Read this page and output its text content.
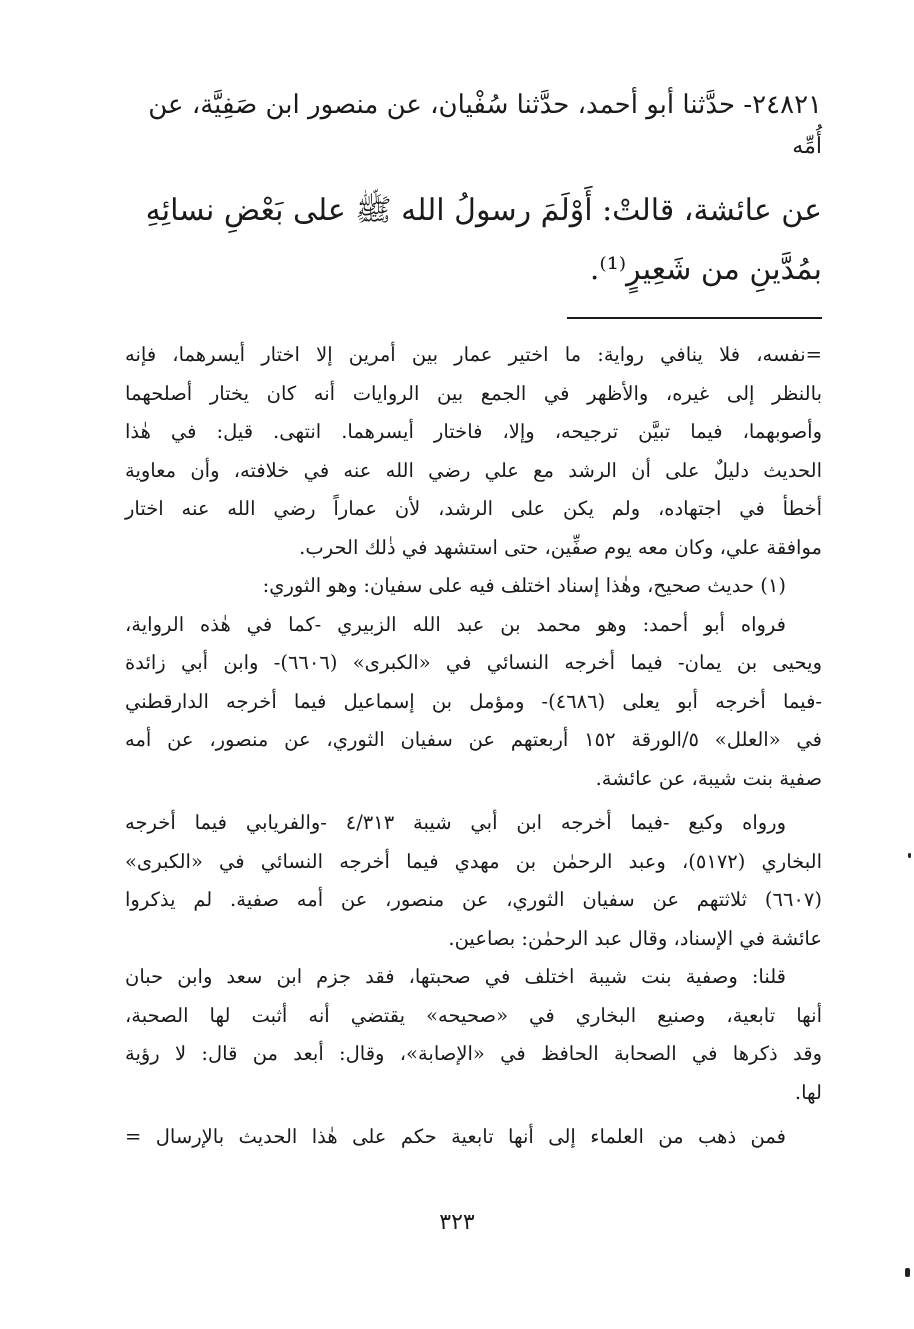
٢٤٨٢١- حدَّثنا أبو أحمد، حدَّثنا سُفْيان، عن منصور ابن صَفِيَّة، عن
أُمِّه
عن عائشة، قالتْ: أَوْلَمَ رسولُ الله ﷺ على بَعْضِ نسائِهِ
بمُدَّينِ من شَعِيرٍ⁽¹⁾.

=نفسه، فلا ينافي رواية: ما اختير عمار بين أمرين إلا اختار أيسرهما، فإنه
بالنظر إلى غيره، والأظهر في الجمع بين الروايات أنه كان يختار أصلحهما
وأصوبهما، فيما تبيَّن ترجيحه، وإلا، فاختار أيسرهما. انتهى. قيل: في هٰذا
الحديث دليلٌ على أن الرشد مع علي رضي الله عنه في خلافته، وأن معاوية
أخطأ في اجتهاده، ولم يكن على الرشد، لأن عماراً رضي الله عنه اختار
موافقة علي، وكان معه يوم صفِّين، حتى استشهد في ذٰلك الحرب.

(١) حديث صحيح، وهٰذا إسناد اختلف فيه على سفيان: وهو الثوري:

فرواه أبو أحمد: وهو محمد بن عبد الله الزبيري -كما في هٰذه الرواية،
ويحيى بن يمان- فيما أخرجه النسائي في «الكبرى» (٦٦٠٦)- وابن أبي زائدة
-فيما أخرجه أبو يعلى (٤٦٨٦)- ومؤمل بن إسماعيل فيما أخرجه الدارقطني
في «العلل» ٥/الورقة ١٥٢ أربعتهم عن سفيان الثوري، عن منصور، عن أمه
صفية بنت شيبة، عن عائشة.

ورواه وكيع -فيما أخرجه ابن أبي شيبة ٤/٣١٣ -والفريابي فيما أخرجه
البخاري (٥١٧٢)، وعبد الرحمٰن بن مهدي فيما أخرجه النسائي في «الكبرى»
(٦٦٠٧) ثلاثتهم عن سفيان الثوري، عن منصور، عن أمه صفية. لم يذكروا
عائشة في الإسناد، وقال عبد الرحمٰن: بصاعين.

قلنا: وصفية بنت شيبة اختلف في صحبتها، فقد جزم ابن سعد وابن حبان
أنها تابعية، وصنيع البخاري في «صحيحه» يقتضي أنه أثبت لها الصحبة،
وقد ذكرها في الصحابة الحافظ في «الإصابة»، وقال: أبعد من قال: لا رؤية
لها.

فمن ذهب من العلماء إلى أنها تابعية حكم على هٰذا الحديث بالإرسال =

٣٢٣
